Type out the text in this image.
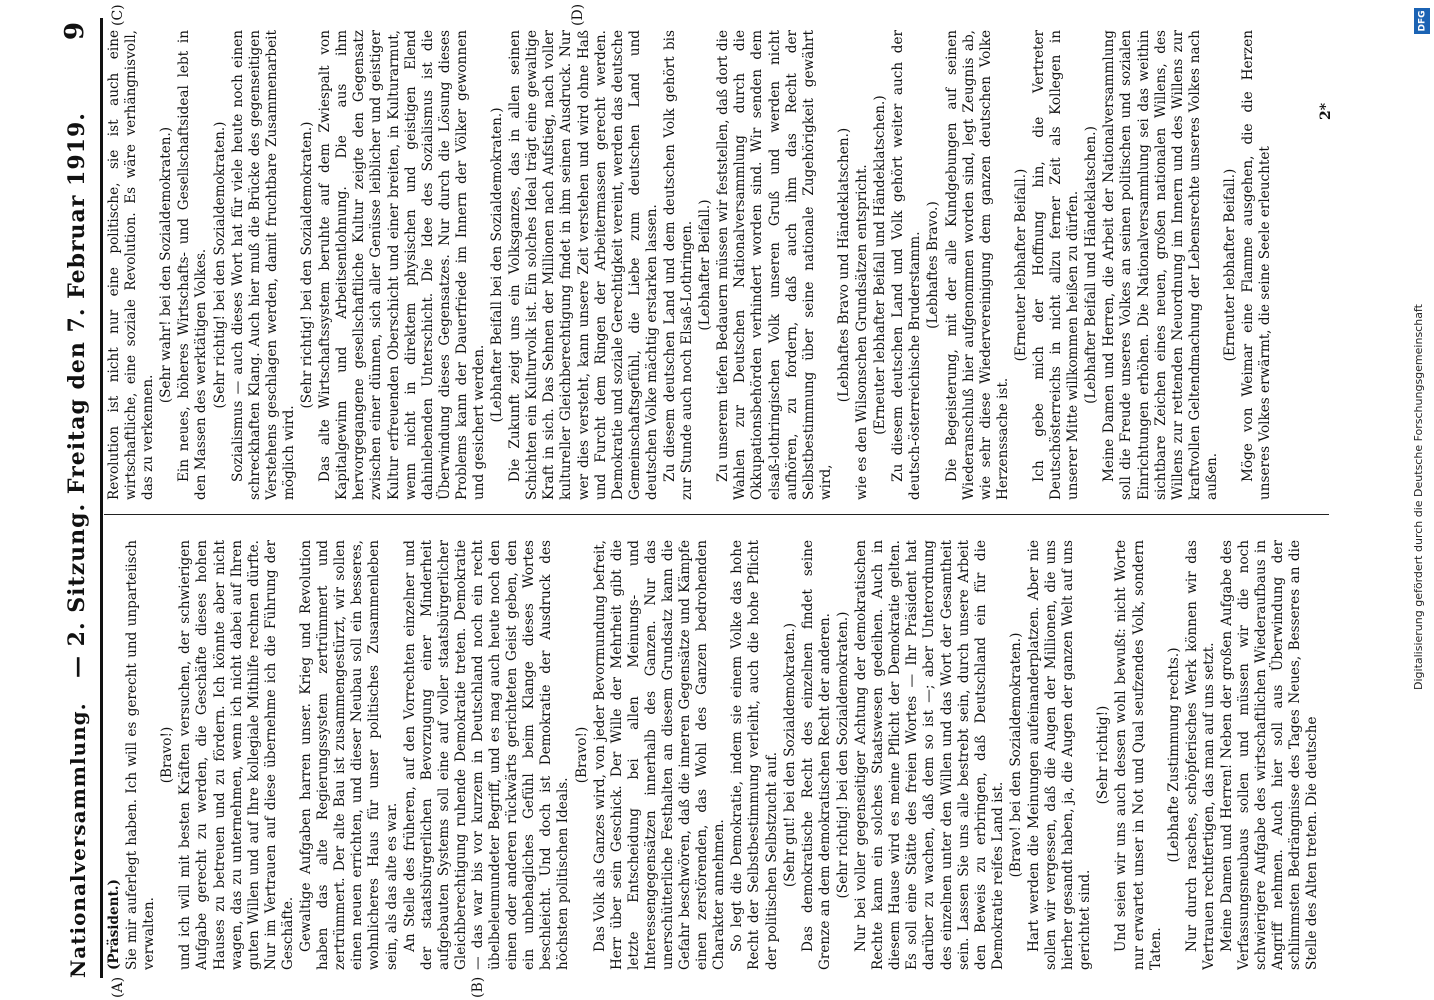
Nationalversammlung.
— 2. Sitzung. Freitag den 7. Februar 1919.
9
(A)	(B)
(C)	(D)

(Präsident.) Sie mir auferlegt haben. Ich will es gerecht und unparteiisch verwalten.

(Bravo!) und ich will mit besten Kräften versuchen, der schwierigen Aufgabe gerecht zu werden, die Geschäfte dieses hohen Hauses zu betreuen und zu fördern. Ich könnte aber nicht wagen, das zu unternehmen, wenn ich nicht dabei auf Ihren guten Willen und auf Ihre kollegiale Mithilfe rechnen dürfte. Nur im Vertrauen auf diese übernehme ich die Führung der Geschäfte. Gewaltige Aufgaben harren unser. Krieg und Revolution haben das alte Regierungssystem zertrümmert und zertrümmert. Der alte Bau ist zusammengestürzt, wir sollen einen neuen errichten, und dieser Neubau soll ein besseres, wohnlicheres Haus für unser politisches Zusammenleben sein, als das alte es war. An Stelle des früheren, auf den Vorrechten einzelner und der staatsbürgerlichen Bevorzugung einer Minderheit aufgebauten Systems soll eine auf voller staatsbürgerlicher Gleichberechtigung ruhende Demokratie treten. Demokratie — das war bis vor kurzem in Deutschland noch ein recht übelbeleumundeter Begriff, und es mag auch heute noch den einen oder anderen rückwärts gerichteten Geist geben, den ein unbehagliches Gefühl beim Klange dieses Wortes beschleicht. Und doch ist Demokratie der Ausdruck des höchsten politischen Ideals.

(Bravo!) Das Volk als Ganzes wird, von jeder Bevormundung befreit, Herr über sein Geschick. Der Wille der Mehrheit gibt die letzte Entscheidung bei allen Meinungs- und Interessengegensätzen innerhalb des Ganzen. Nur das unerschütterliche Festhalten an diesem Grundsatz kann die Gefahr beschwören, daß die inneren Gegensätze und Kämpfe einen zerstörenden, das Wohl des Ganzen bedrohenden Charakter annehmen. So legt die Demokratie, indem sie einem Volke das hohe Recht der Selbstbestimmung verleiht, auch die hohe Pflicht der politischen Selbstzucht auf. (Sehr gut! bei den Sozialdemokraten.) Das demokratische Recht des einzelnen findet seine Grenze an dem demokratischen Recht der anderen. (Sehr richtig! bei den Sozialdemokraten.) Nur bei voller gegenseitiger Achtung der demokratischen Rechte kann ein solches Staatswesen gedeihen. Auch in diesem Hause wird es meine Pflicht der Demokratie gelten. Es soll eine Stätte des freien Wortes — Ihr Präsident hat darüber zu wachen, daß dem so ist —; aber Unterordnung des einzelnen unter den Willen und das Wort der Gesamtheit sein. Lassen Sie uns alle bestrebt sein, durch unsere Arbeit den Beweis zu erbringen, daß Deutschland ein für die Demokratie reifes Land ist. (Bravo! bei den Sozialdemokraten.) Hart werden die Meinungen aufeinanderplatzen. Aber nie sollen wir vergessen, daß die Augen der Millionen, die uns hierher gesandt haben, ja, die Augen der ganzen Welt auf uns gerichtet sind.

(Sehr richtig!) Und seien wir uns auch dessen wohl bewußt: nicht Worte nur erwartet unser in Not und Qual seufzendes Volk, sondern Taten.

(Lebhafte Zustimmung rechts.) Nur durch rasches, schöpferisches Werk können wir das Vertrauen rechtfertigen, das man auf uns setzt. Meine Damen und Herren! Neben der großen Aufgabe des Verfassungsneubaus sollen und müssen wir die noch schwierigere Aufgabe des wirtschaftlichen Wiederaufbaus in Angriff nehmen. Auch hier soll aus Überwindung der schlimmsten Bedrängnisse des Tages Neues, Besseres an die Stelle des Alten treten. Die deutsche

Revolution ist nicht nur eine politische, sie ist auch eine wirtschaftliche, eine soziale Revolution. Es wäre verhängnisvoll, das zu verkennen.

(Sehr wahr! bei den Sozialdemokraten.) Ein neues, höheres Wirtschafts- und Gesellschaftsideal lebt in den Massen des werktätigen Volkes. (Sehr richtig! bei den Sozialdemokraten.) Sozialismus — auch dieses Wort hat für viele heute noch einen schreckhaften Klang. Auch hier muß die Brücke des gegenseitigen Verstehens geschlagen werden, damit fruchtbare Zusammenarbeit möglich wird.

(Sehr richtig! bei den Sozialdemokraten.) Das alte Wirtschaftssystem beruhte auf dem Zwiespalt von Kapitalgewinn und Arbeitsentlohnung. Die aus ihm hervorgegangene gesellschaftliche Kultur zeigte den Gegensatz zwischen einer dünnen, sich aller Genüsse leiblicher und geistiger Kultur erfreuenden Oberschicht und einer breiten, in Kulturarmut, wenn nicht in direktem physischen und geistigen Elend dahinlebenden Unterschicht. Die Idee des Sozialismus ist die Überwindung dieses Gegensatzes. Nur durch die Lösung dieses Problems kann der Dauerfriede im Innern der Völker gewonnen und gesichert werden. (Lebhafter Beifall bei den Sozialdemokraten.) Die Zukunft zeigt uns ein Volksganzes, das in allen seinen Schichten ein Kulturvolk ist. Ein solches Ideal trägt eine gewaltige Kraft in sich. Das Sehnen der Millionen nach Aufstieg, nach voller kultureller Gleichberechtigung findet in ihm seinen Ausdruck. Nur wer dies versteht, kann unsere Zeit verstehen und wird ohne Haß und Furcht dem Ringen der Arbeitermassen gerecht werden. Demokratie und soziale Gerechtigkeit vereint, werden das deutsche Gemeinschaftsgefühl, die Liebe zum deutschen Land und deutschen Volke mächtig erstarken lassen. Zu diesem deutschen Land und dem deutschen Volk gehört bis zur Stunde auch noch Elsaß-Lothringen. (Lebhafter Beifall.) Zu unserem tiefen Bedauern müssen wir feststellen, daß dort die Wahlen zur Deutschen Nationalversammlung durch die Okkupationsbehörden verhindert worden sind. Wir senden dem elsaß-lothringischen Volk unseren Gruß und werden nicht aufhören, zu fordern, daß auch ihm das Recht der Selbstbestimmung über seine nationale Zugehörigkeit gewährt wird,

(Lebhaftes Bravo und Händeklatschen.) wie es den Wilsonschen Grundsätzen entspricht. (Erneuter lebhafter Beifall und Händeklatschen.) Zu diesem deutschen Land und Volk gehört weiter auch der deutsch-österreichische Bruderstamm. (Lebhaftes Bravo.) Die Begeisterung, mit der alle Kundgebungen auf seinen Wiederanschluß hier aufgenommen worden sind, legt Zeugnis ab, wie sehr diese Wiedervereinigung dem ganzen deutschen Volke Herzenssache ist.

(Erneuter lebhafter Beifall.) Ich gebe mich der Hoffnung hin, die Vertreter Deutschösterreichs in nicht allzu ferner Zeit als Kollegen in unserer Mitte willkommen heißen zu dürfen. (Lebhafter Beifall und Händeklatschen.) Meine Damen und Herren, die Arbeit der Nationalversammlung soll die Freude unseres Volkes an seinen politischen und sozialen Einrichtungen erhöhen. Die Nationalversammlung sei das weithin sichtbare Zeichen eines neuen, großen nationalen Willens, des Willens zur rettenden Neuordnung im Innern und des Willens zur kraftvollen Geltendmachung der Lebensrechte unseres Volkes nach außen.

(Erneuter lebhafter Beifall.) Möge von Weimar eine Flamme ausgehen, die die Herzen unseres Volkes erwärmt, die seine Seele erleuchtet

2*
DFG
Digitalisierung gefördert durch die Deutsche Forschungsgemeinschaft
